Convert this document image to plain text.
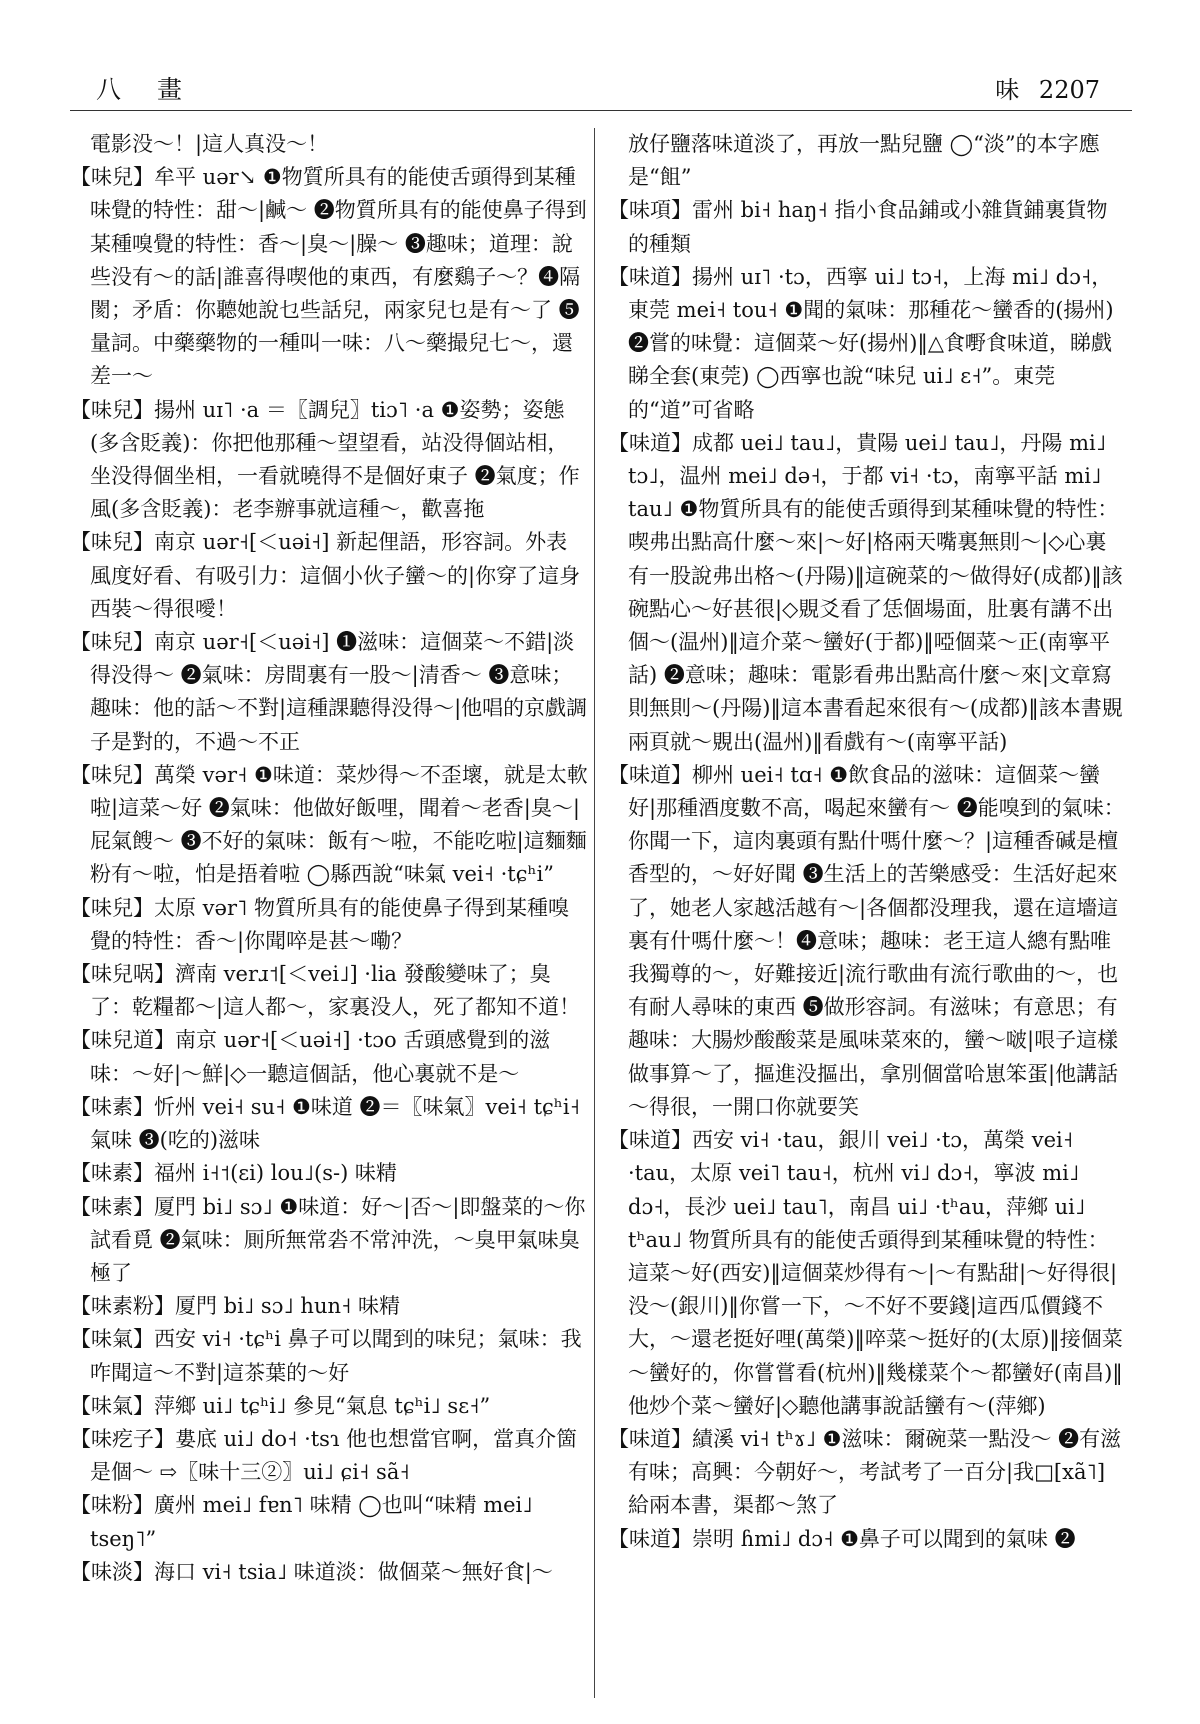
八 畫	味 2207

電影没～！|這人真没～！

【味兒】牟平 uər↘ ❶物質所具有的能使舌頭得到某種味覺的特性：甜～|鹹～ ❷物質所具有的能使鼻子得到某種嗅覺的特性：香～|臭～|臊～ ❸趣味；道理：說些没有～的話|誰喜得喫他的東西，有麼鷄子～？❹隔閡；矛盾：你聽她說乜些話兒，兩家兒乜是有～了 ❺量詞。中藥藥物的一種叫一味：八～藥撮兒七～，還差一～

【味兒】揚州 uɪ˥ ·a ＝〖調兒〗tiɔ˥ ·a ❶姿勢；姿態(多含貶義)：你把他那種～望望看，站没得個站相，坐没得個坐相，一看就曉得不是個好東子 ❷氣度；作風(多含貶義)：老李辦事就這種～，歡喜拖

【味兒】南京 uər˧[＜uəi˧] 新起俚語，形容詞。外表風度好看、有吸引力：這個小伙子蠻～的|你穿了這身西裝～得很噯！

【味兒】南京 uər˧[＜uəi˧] ❶滋味：這個菜～不錯|淡得没得～ ❷氣味：房間裏有一股～|清香～ ❸意味；趣味：他的話～不對|這種課聽得没得～|他唱的京戲調子是對的，不過～不正

【味兒】萬榮 vər˧ ❶味道：菜炒得～不歪壞，就是太軟啦|這菜～好 ❷氣味：他做好飯哩，聞着～老香|臭～|屁氣餿～ ❸不好的氣味：飯有～啦，不能吃啦|這麵麵粉有～啦，怕是捂着啦 ◯縣西說“味氣 vei˧ ·tɕʰi”

【味兒】太原 vər˥ 物質所具有的能使鼻子得到某種嗅覺的特性：香～|你聞啐是甚～嘞？

【味兒㖞】濟南 verɹ˦[＜vei˩] ·lia 發酸變味了；臭了：乾糧都～|這人都～，家裏没人，死了都知不道！

【味兒道】南京 uər˧[＜uəi˧] ·tɔo 舌頭感覺到的滋味：～好|～鮮|◇一聽這個話，他心裏就不是～

【味素】忻州 vei˧ su˧ ❶味道 ❷＝〖味氣〗vei˧ tɕʰi˧ 氣味 ❸(吃的)滋味

【味素】福州 i˧˦(ɛi) lou˩(s-) 味精

【味素】厦門 bi˩ sɔ˩ ❶味道：好～|否～|即盤菜的～你試看覓 ❷氣味：厠所無常沯不常沖洗，～臭甲氣味臭極了

【味素粉】厦門 bi˩ sɔ˩ hun˧ 味精

【味氣】西安 vi˧ ·tɕʰi 鼻子可以聞到的味兒；氣味：我咋聞這～不對|這茶葉的～好

【味氣】萍鄉 ui˩ tɕʰi˩ 參見“氣息 tɕʰi˩ sɛ˧”

【味疙子】婁底 ui˩ do˧ ·tsɿ 他也想當官啊，當真介箇是個～ ⇨〖味十三②〗ui˩ ɕi˧ sã˧

【味粉】廣州 mei˩ fɐn˥ 味精 ◯也叫“味精 mei˩ tseŋ˥”

【味淡】海口 vi˧ tsia˩ 味道淡：做個菜～無好食|～

放仔鹽落味道淡了，再放一點兒鹽 ◯“淡”的本字應是“飷”

【味項】雷州 bi˧ haŋ˧ 指小食品鋪或小雜貨鋪裏貨物的種類

【味道】揚州 uɪ˥ ·tɔ，西寧 ui˩ tɔ˧，上海 mi˩ dɔ˧，東莞 mei˧ tou˧ ❶聞的氣味：那種花～蠻香的(揚州) ❷嘗的味覺：這個菜～好(揚州)‖△食嘢食味道，睇戲睇全套(東莞) ◯西寧也說“味兒 ui˩ ɛ˧”。東莞的“道”可省略

【味道】成都 uei˩ tau˩，貴陽 uei˩ tau˩，丹陽 mi˩ tɔ˩，温州 mei˩ də˧，于都 vi˧ ·tɔ，南寧平話 mi˩ tau˩ ❶物質所具有的能使舌頭得到某種味覺的特性：喫弗出點高什麼～來|～好|格兩天嘴裏無則～|◇心裏有一股說弗出格～(丹陽)‖這碗菜的～做得好(成都)‖該碗點心～好甚很|◇覞爻看了恁個場面，肚裏有講不出個～(温州)‖這介菜～蠻好(于都)‖啞個菜～正(南寧平話) ❷意味；趣味：電影看弗出點高什麼～來|文章寫則無則～(丹陽)‖這本書看起來很有～(成都)‖該本書覞兩頁就～覞出(温州)‖看戲有～(南寧平話)

【味道】柳州 uei˧ tɑ˧ ❶飲食品的滋味：這個菜～蠻好|那種酒度數不高，喝起來蠻有～ ❷能嗅到的氣味：你聞一下，這肉裏頭有點什嗎什麼～？|這種香碱是檀香型的，～好好聞 ❸生活上的苦樂感受：生活好起來了，她老人家越活越有～|各個都没理我，還在這墻這裏有什嗎什麼～！❹意味；趣味：老王這人總有點唯我獨尊的～，好難接近|流行歌曲有流行歌曲的～，也有耐人尋味的東西 ❺做形容詞。有滋味；有意思；有趣味：大腸炒酸酸菜是風味菜來的，蠻～啵|哏子這樣做事算～了，摳進没摳出，拿別個當哈崽笨蛋|他講話～得很，一開口你就要笑

【味道】西安 vi˧ ·tau，銀川 vei˩ ·tɔ，萬榮 vei˧ ·tau，太原 vei˥ tau˧，杭州 vi˩ dɔ˧，寧波 mi˩ dɔ˧，長沙 uei˩ tau˥，南昌 ui˩ ·tʰau，萍鄉 ui˩ tʰau˩ 物質所具有的能使舌頭得到某種味覺的特性：這菜～好(西安)‖這個菜炒得有～|～有點甜|～好得很|没～(銀川)‖你嘗一下，～不好不要錢|這西瓜價錢不大，～還老挺好哩(萬榮)‖啐菜～挺好的(太原)‖接個菜～蠻好的，你嘗嘗看(杭州)‖幾樣菜个～都蠻好(南昌)‖他炒个菜～蠻好|◇聽他講事說話蠻有～(萍鄉)

【味道】績溪 vi˧ tʰɤ˩ ❶滋味：爾碗菜一點没～ ❷有滋有味；高興：今朝好～，考試考了一百分|我□[xã˥]給兩本書，渠都～煞了

【味道】崇明 ɦmi˩ dɔ˧ ❶鼻子可以聞到的氣味 ❷
